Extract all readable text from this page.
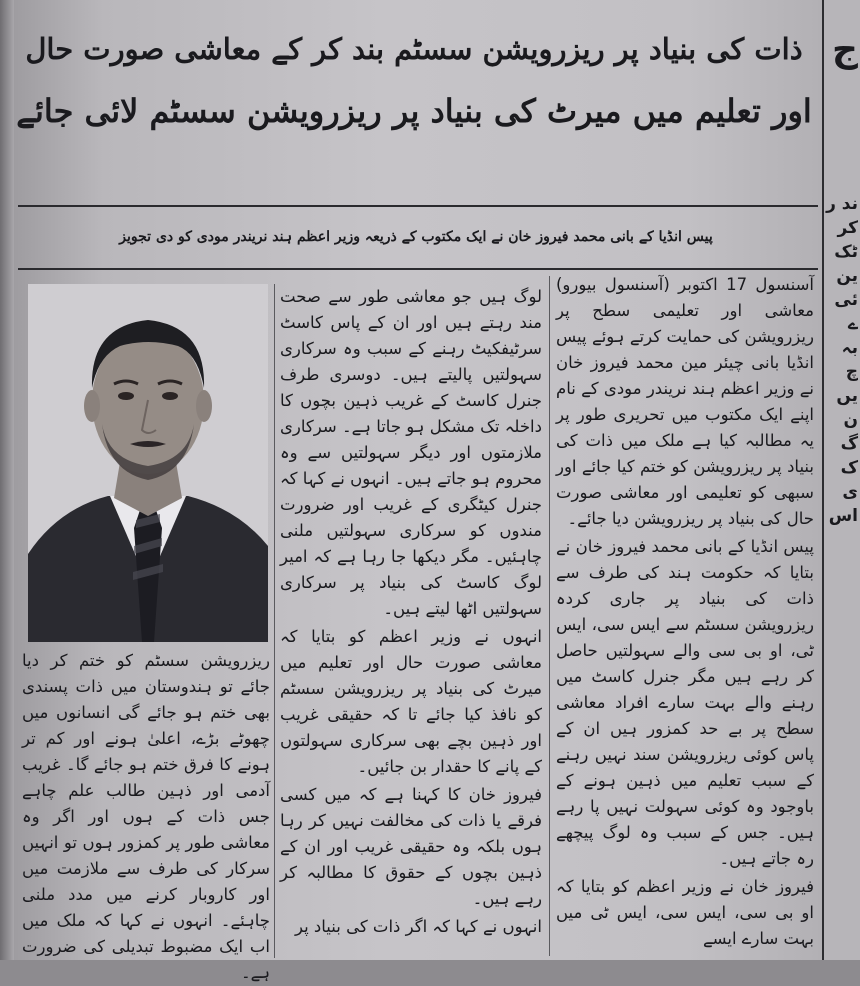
ذات کی بنیاد پر ریزرویشن سسٹم بند کر کے معاشی صورت حال
اور تعلیم میں میرٹ کی بنیاد پر ریزرویشن سسٹم لائی جائے
پیس انڈیا کے بانی محمد فیروز خان نے ایک مکتوب کے ذریعہ وزیر اعظم ہند نریندر مودی کو دی تجویز

آسنسول 17 اکتوبر (آسنسول بیورو) معاشی اور تعلیمی سطح پر ریزرویشن کی حمایت کرتے ہوئے پیس انڈیا بانی چیئر مین محمد فیروز خان نے وزیر اعظم ہند نریندر مودی کے نام اپنے ایک مکتوب میں تحریری طور پر یہ مطالبہ کیا ہے ملک میں ذات کی بنیاد پر ریزرویشن کو ختم کیا جائے اور سبھی کو تعلیمی اور معاشی صورت حال کی بنیاد پر ریزرویشن دیا جائے۔

پیس انڈیا کے بانی محمد فیروز خان نے بتایا کہ حکومت ہند کی طرف سے ذات کی بنیاد پر جاری کردہ ریزرویشن سسٹم سے ایس سی، ایس ٹی، او بی سی والے سہولتیں حاصل کر رہے ہیں مگر جنرل کاسٹ میں رہنے والے بہت سارے افراد معاشی سطح پر بے حد کمزور ہیں ان کے پاس کوئی ریزرویشن سند نہیں رہنے کے سبب تعلیم میں ذہین ہونے کے باوجود وہ کوئی سہولت نہیں پا رہے ہیں۔ جس کے سبب وہ لوگ پیچھے رہ جاتے ہیں۔

فیروز خان نے وزیر اعظم کو بتایا کہ او بی سی، ایس سی، ایس ٹی میں بہت سارے ایسے

لوگ ہیں جو معاشی طور سے صحت مند رہتے ہیں اور ان کے پاس کاسٹ سرٹیفکیٹ رہنے کے سبب وہ سرکاری سہولتیں پالیتے ہیں۔ دوسری طرف جنرل کاسٹ کے غریب ذہین بچوں کا داخلہ تک مشکل ہو جاتا ہے۔ سرکاری ملازمتوں اور دیگر سہولتیں سے وہ محروم ہو جاتے ہیں۔ انہوں نے کہا کہ جنرل کیٹگری کے غریب اور ضرورت مندوں کو سرکاری سہولتیں ملنی چاہئیں۔ مگر دیکھا جا رہا ہے کہ امیر لوگ کاسٹ کی بنیاد پر سرکاری سہولتیں اٹھا لیتے ہیں۔

انہوں نے وزیر اعظم کو بتایا کہ معاشی صورت حال اور تعلیم میں میرٹ کی بنیاد پر ریزرویشن سسٹم کو نافذ کیا جائے تا کہ حقیقی غریب اور ذہین بچے بھی سرکاری سہولتوں کے پانے کا حقدار بن جائیں۔

فیروز خان کا کہنا ہے کہ میں کسی فرقے یا ذات کی مخالفت نہیں کر رہا ہوں بلکہ وہ حقیقی غریب اور ان کے ذہین بچوں کے حقوق کا مطالبہ کر رہے ہیں۔

انہوں نے کہا کہ اگر ذات کی بنیاد پر

ریزرویشن سسٹم کو ختم کر دیا جائے تو ہندوستان میں ذات پسندی بھی ختم ہو جائے گی انسانوں میں چھوٹے بڑے، اعلیٰ ہونے اور کم تر ہونے کا فرق ختم ہو جائے گا۔ غریب آدمی اور ذہین طالب علم چاہے جس ذات کے ہوں اور اگر وہ معاشی طور پر کمزور ہوں تو انہیں سرکار کی طرف سے ملازمت میں اور کاروبار کرنے میں مدد ملنی چاہئے۔ انہوں نے کہا کہ ملک میں اب ایک مضبوط تبدیلی کی ضرورت ہے۔

ج
ند ر
کر
ٹک
ین
ئی
ے
بہ
چ
یں
ن
گ
ک
ی
اس
